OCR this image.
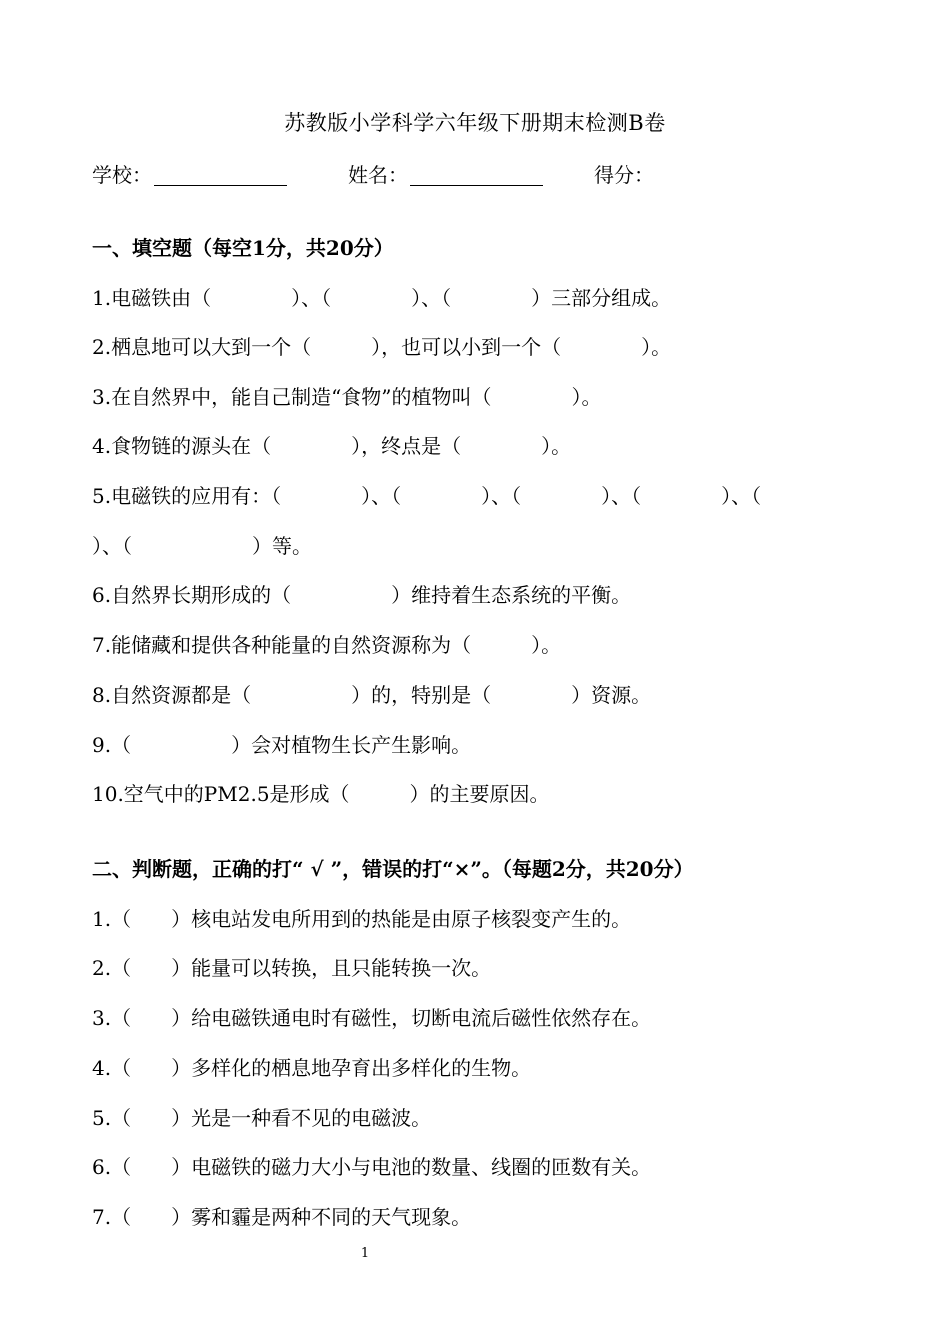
苏教版小学科学六年级下册期末检测B卷
学校：	姓名：	得分：
一、填空题（每空1分，共20分）
1.电磁铁由（　　　　）、（　　　　）、（　　　　）三部分组成。
2.栖息地可以大到一个（　　　），也可以小到一个（　　　　）。
3.在自然界中，能自己制造“食物”的植物叫（　　　　）。
4.食物链的源头在（　　　　），终点是（　　　　）。
5.电磁铁的应用有：（　　　　）、（　　　　）、（　　　　）、（　　　　）、（
）、（　　　　　　）等。
6.自然界长期形成的（　　　　　）维持着生态系统的平衡。
7.能储藏和提供各种能量的自然资源称为（　　　）。
8.自然资源都是（　　　　　）的，特别是（　　　　）资源。
9.（　　　　　）会对植物生长产生影响。
10.空气中的PM2.5是形成（　　　）的主要原因。
二、判断题，正确的打“ √ ”，错误的打“×”。（每题2分，共20分）
1.（　　）核电站发电所用到的热能是由原子核裂变产生的。
2.（　　）能量可以转换，且只能转换一次。
3.（　　）给电磁铁通电时有磁性，切断电流后磁性依然存在。
4.（　　）多样化的栖息地孕育出多样化的生物。
5.（　　）光是一种看不见的电磁波。
6.（　　）电磁铁的磁力大小与电池的数量、线圈的匝数有关。
7.（　　）雾和霾是两种不同的天气现象。
1
